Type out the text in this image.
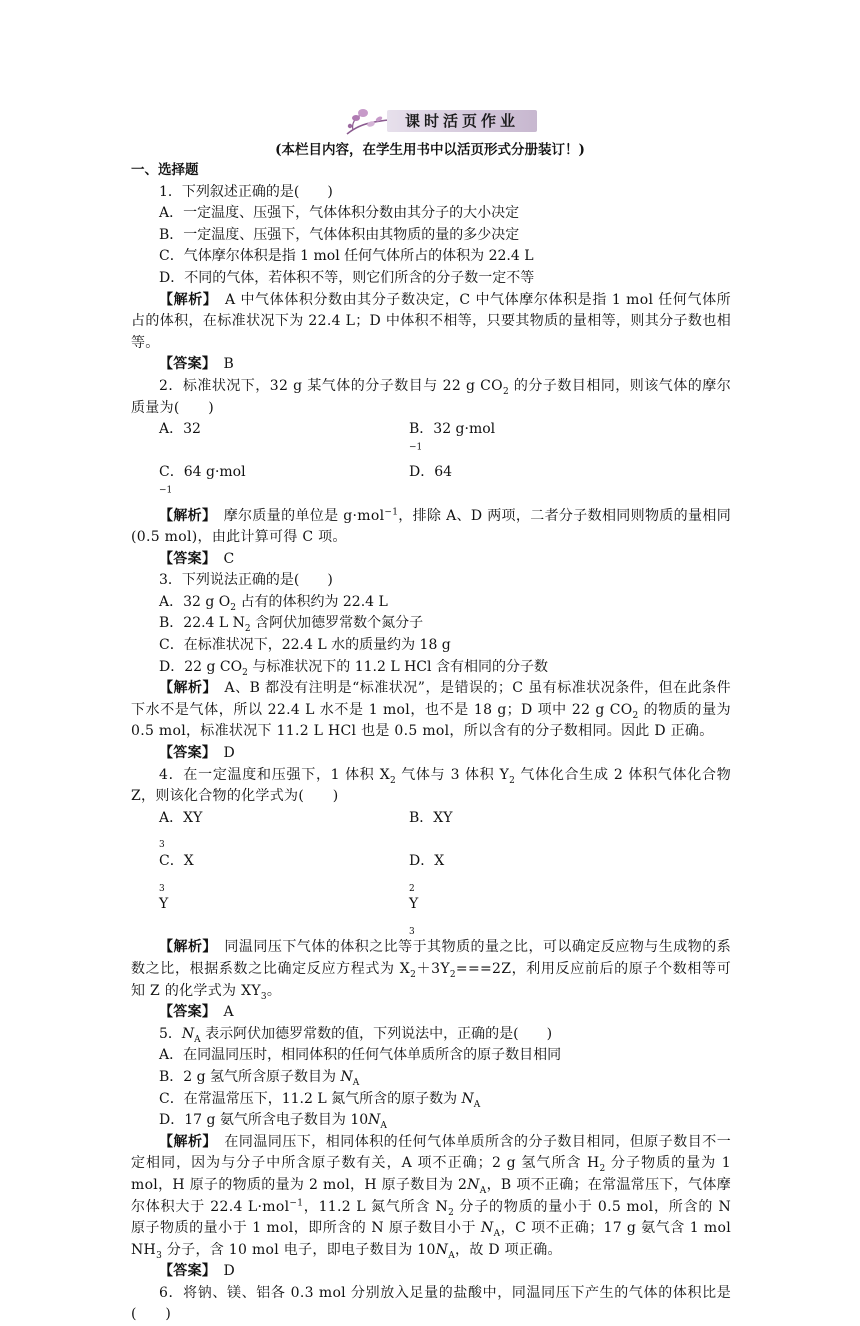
课时活页作业
(本栏目内容，在学生用书中以活页形式分册装订！)
一、选择题
1．下列叙述正确的是(　　)
A．一定温度、压强下，气体体积分数由其分子的大小决定
B．一定温度、压强下，气体体积由其物质的量的多少决定
C．气体摩尔体积是指 1 mol 任何气体所占的体积为 22.4 L
D．不同的气体，若体积不等，则它们所含的分子数一定不等
【解析】　 A 中气体体积分数由其分子数决定，C 中气体摩尔体积是指 1 mol 任何气体所占的体积，在标准状况下为 22.4 L；D 中体积不相等，只要其物质的量相等，则其分子数也相等。
【答案】　 B
2．标准状况下，32 g 某气体的分子数目与 22 g $CO_2$ 的分子数目相同，则该气体的摩尔质量为(　　)
A．32	B．32 g·mol$^{-1}$
C．64 g·mol$^{-1}$
D．64
【解析】　 摩尔质量的单位是 g·mol$^{-1}$，排除 A、D 两项，二者分子数相同则物质的量相同(0.5 mol)，由此计算可得 C 项。
【答案】　 C
3．下列说法正确的是(　　)
A．32 g $O_2$ 占有的体积约为 22.4 L
B．22.4 L $N_2$ 含阿伏加德罗常数个氮分子
C．在标准状况下，22.4 L 水的质量约为 18 g
D．22 g $CO_2$ 与标准状况下的 11.2 L HCl 含有相同的分子数
【解析】　 A、B 都没有注明是“标准状况”，是错误的；C 虽有标准状况条件，但在此条件下水不是气体，所以 22.4 L 水不是 1 mol，也不是 18 g；D 项中 22 g $CO_2$ 的物质的量为 0.5 mol，标准状况下 11.2 L HCl 也是 0.5 mol，所以含有的分子数相同。因此 D 正确。
【答案】　 D
4．在一定温度和压强下，1 体积 $X_2$ 气体与 3 体积 $Y_2$ 气体化合生成 2 体积气体化合物 Z，则该化合物的化学式为(　　)
A．$XY_3$
B．XY
C．$X_3Y$
D．$X_2Y_3$
【解析】　 同温同压下气体的体积之比等于其物质的量之比，可以确定反应物与生成物的系数之比，根据系数之比确定反应方程式为 $X_2+3Y_2===2Z$，利用反应前后的原子个数相等可知 Z 的化学式为 $XY_3$。
【答案】　 A
5．$N_A$ 表示阿伏加德罗常数的值，下列说法中，正确的是(　　)
A．在同温同压时，相同体积的任何气体单质所含的原子数目相同
B．2 g 氢气所含原子数目为 $N_A$
C．在常温常压下，11.2 L 氮气所含的原子数为 $N_A$
D．17 g 氨气所含电子数目为 $10N_A$
【解析】　 在同温同压下，相同体积的任何气体单质所含的分子数目相同，但原子数目不一定相同，因为与分子中所含原子数有关，A 项不正确；2 g 氢气所含 $H_2$ 分子物质的量为 1 mol，H 原子的物质的量为 2 mol，H 原子数目为 $2N_A$，B 项不正确；在常温常压下，气体摩尔体积大于 22.4 L·mol$^{-1}$，11.2 L 氮气所含 $N_2$ 分子的物质的量小于 0.5 mol，所含的 N 原子物质的量小于 1 mol，即所含的 N 原子数目小于 $N_A$，C 项不正确；17 g 氨气含 1 mol $NH_3$ 分子，含 10 mol 电子，即电子数目为 $10N_A$，故 D 项正确。
【答案】　 D
6．将钠、镁、铝各 0.3 mol 分别放入足量的盐酸中，同温同压下产生的气体的体积比是(　　)
